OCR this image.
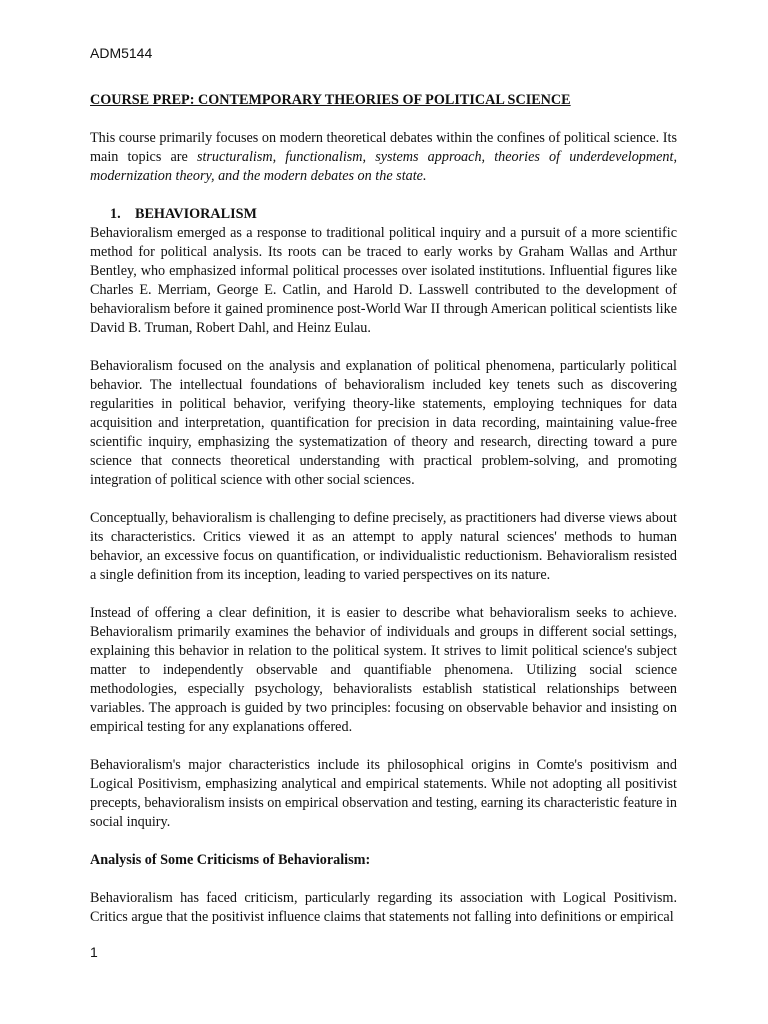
ADM5144

COURSE PREP: CONTEMPORARY THEORIES OF POLITICAL SCIENCE

This course primarily focuses on modern theoretical debates within the confines of political science. Its main topics are structuralism, functionalism, systems approach, theories of underdevelopment, modernization theory, and the modern debates on the state.

1.	BEHAVIORALISM

Behavioralism emerged as a response to traditional political inquiry and a pursuit of a more scientific method for political analysis. Its roots can be traced to early works by Graham Wallas and Arthur Bentley, who emphasized informal political processes over isolated institutions. Influential figures like Charles E. Merriam, George E. Catlin, and Harold D. Lasswell contributed to the development of behavioralism before it gained prominence post-World War II through American political scientists like David B. Truman, Robert Dahl, and Heinz Eulau.

Behavioralism focused on the analysis and explanation of political phenomena, particularly political behavior. The intellectual foundations of behavioralism included key tenets such as discovering regularities in political behavior, verifying theory-like statements, employing techniques for data acquisition and interpretation, quantification for precision in data recording, maintaining value-free scientific inquiry, emphasizing the systematization of theory and research, directing toward a pure science that connects theoretical understanding with practical problem-solving, and promoting integration of political science with other social sciences.

Conceptually, behavioralism is challenging to define precisely, as practitioners had diverse views about its characteristics. Critics viewed it as an attempt to apply natural sciences' methods to human behavior, an excessive focus on quantification, or individualistic reductionism. Behavioralism resisted a single definition from its inception, leading to varied perspectives on its nature.

Instead of offering a clear definition, it is easier to describe what behavioralism seeks to achieve. Behavioralism primarily examines the behavior of individuals and groups in different social settings, explaining this behavior in relation to the political system. It strives to limit political science's subject matter to independently observable and quantifiable phenomena. Utilizing social science methodologies, especially psychology, behavioralists establish statistical relationships between variables. The approach is guided by two principles: focusing on observable behavior and insisting on empirical testing for any explanations offered.

Behavioralism's major characteristics include its philosophical origins in Comte's positivism and Logical Positivism, emphasizing analytical and empirical statements. While not adopting all positivist precepts, behavioralism insists on empirical observation and testing, earning its characteristic feature in social inquiry.

Analysis of Some Criticisms of Behavioralism:

Behavioralism has faced criticism, particularly regarding its association with Logical Positivism. Critics argue that the positivist influence claims that statements not falling into definitions or empirical

1
